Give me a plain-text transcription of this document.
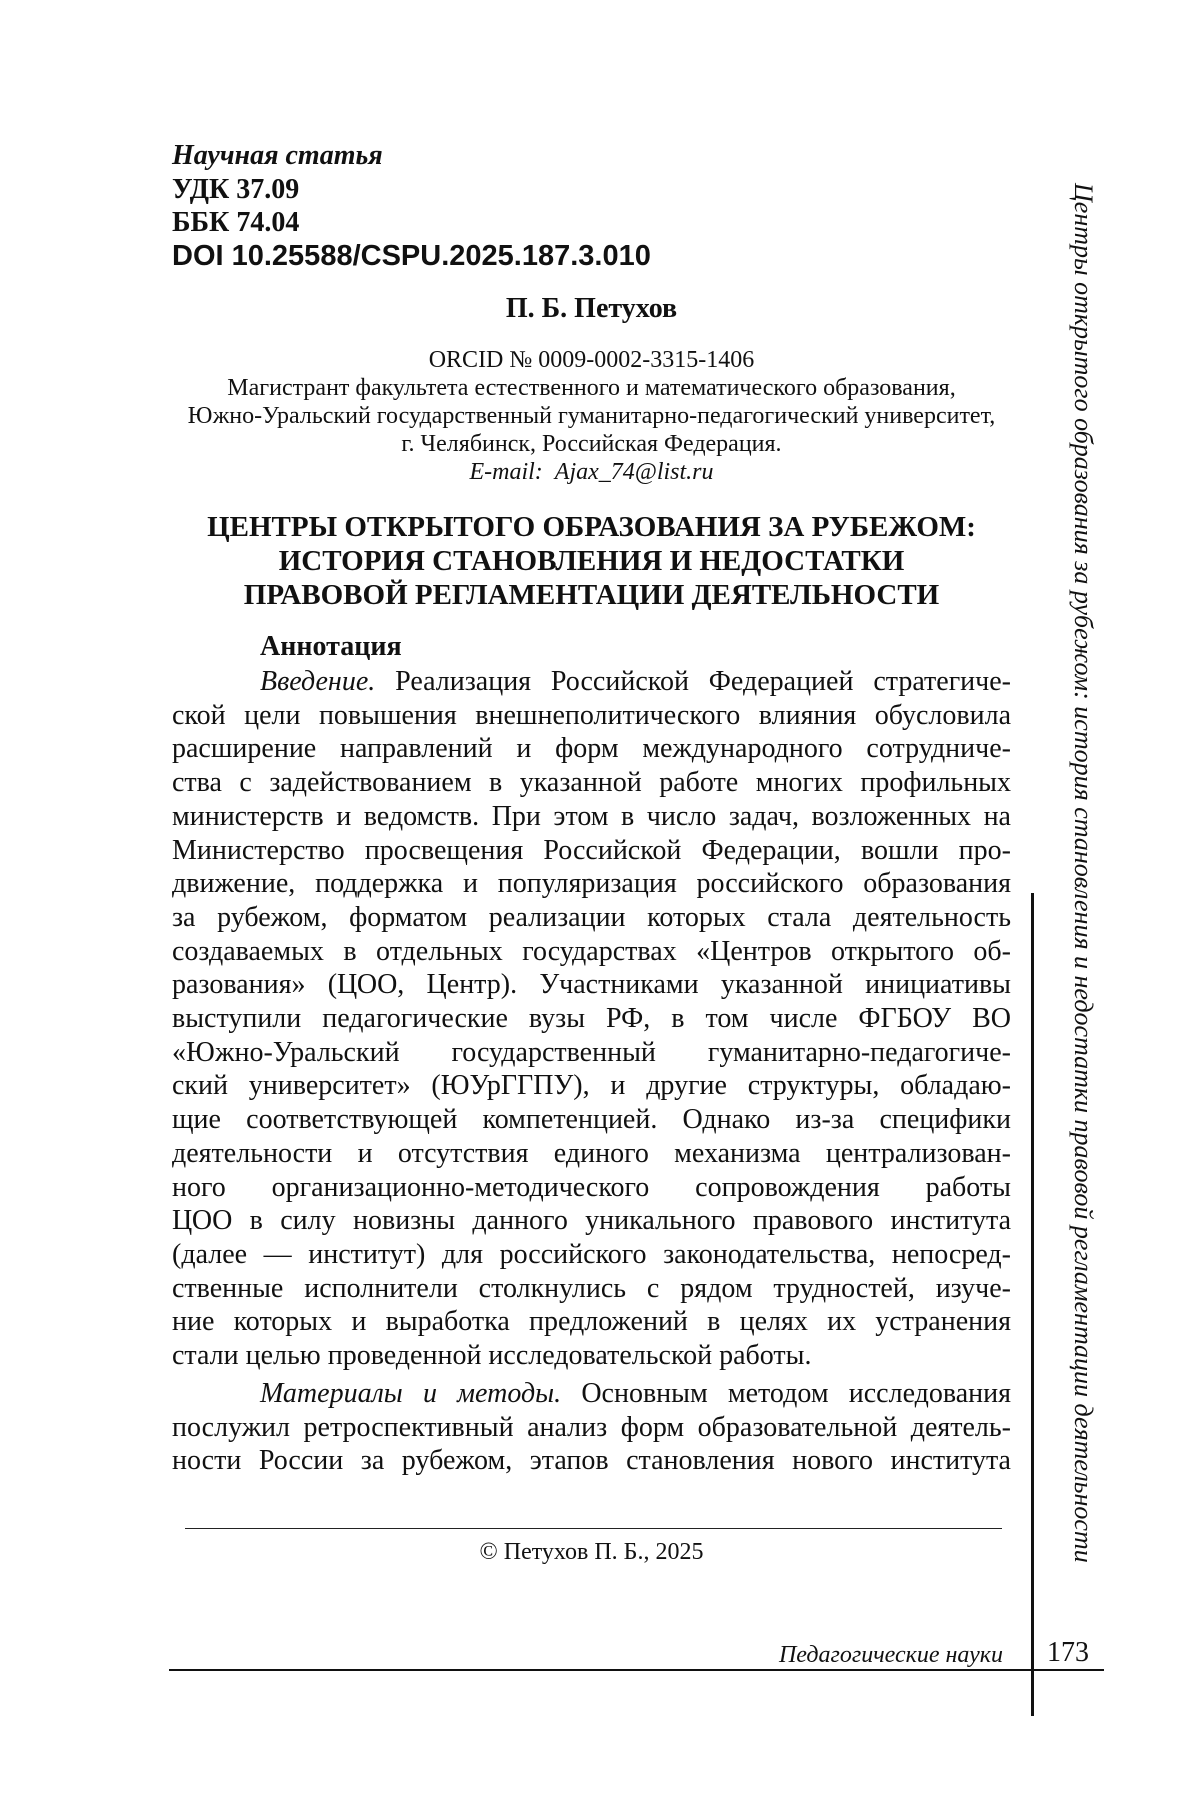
Научная статья
УДК 37.09
ББК 74.04
DOI 10.25588/CSPU.2025.187.3.010
П. Б. Петухов
ORCID № 0009-0002-3315-1406
Магистрант факультета естественного и математического образования,
Южно-Уральский государственный гуманитарно-педагогический университет,
г. Челябинск, Российская Федерация.
E-mail: Ajax_74@list.ru
ЦЕНТРЫ ОТКРЫТОГО ОБРАЗОВАНИЯ ЗА РУБЕЖОМ:
ИСТОРИЯ СТАНОВЛЕНИЯ И НЕДОСТАТКИ
ПРАВОВОЙ РЕГЛАМЕНТАЦИИ ДЕЯТЕЛЬНОСТИ
Аннотация
Введение. Реализация Российской Федерацией стратегиче-
ской цели повышения внешнеполитического влияния обусловила
расширение направлений и форм международного сотрудниче-
ства с задействованием в указанной работе многих профильных
министерств и ведомств. При этом в число задач, возложенных на
Министерство просвещения Российской Федерации, вошли про-
движение, поддержка и популяризация российского образования
за рубежом, форматом реализации которых стала деятельность
создаваемых в отдельных государствах «Центров открытого об-
разования» (ЦОО, Центр). Участниками указанной инициативы
выступили педагогические вузы РФ, в том числе ФГБОУ ВО
«Южно-Уральский государственный гуманитарно-педагогиче-
ский университет» (ЮУрГГПУ), и другие структуры, обладаю-
щие соответствующей компетенцией. Однако из-за специфики
деятельности и отсутствия единого механизма централизован-
ного организационно-методического сопровождения работы
ЦОО в силу новизны данного уникального правового института
(далее — институт) для российского законодательства, непосред-
ственные исполнители столкнулись с рядом трудностей, изуче-
ние которых и выработка предложений в целях их устранения
стали целью проведенной исследовательской работы.
Материалы и методы. Основным методом исследования
послужил ретроспективный анализ форм образовательной деятель-
ности России за рубежом, этапов становления нового института
© Петухов П. Б., 2025
Педагогические науки 173
Центры открытого образования за рубежом: история становления и недостатки правовой регламентации деятельности
